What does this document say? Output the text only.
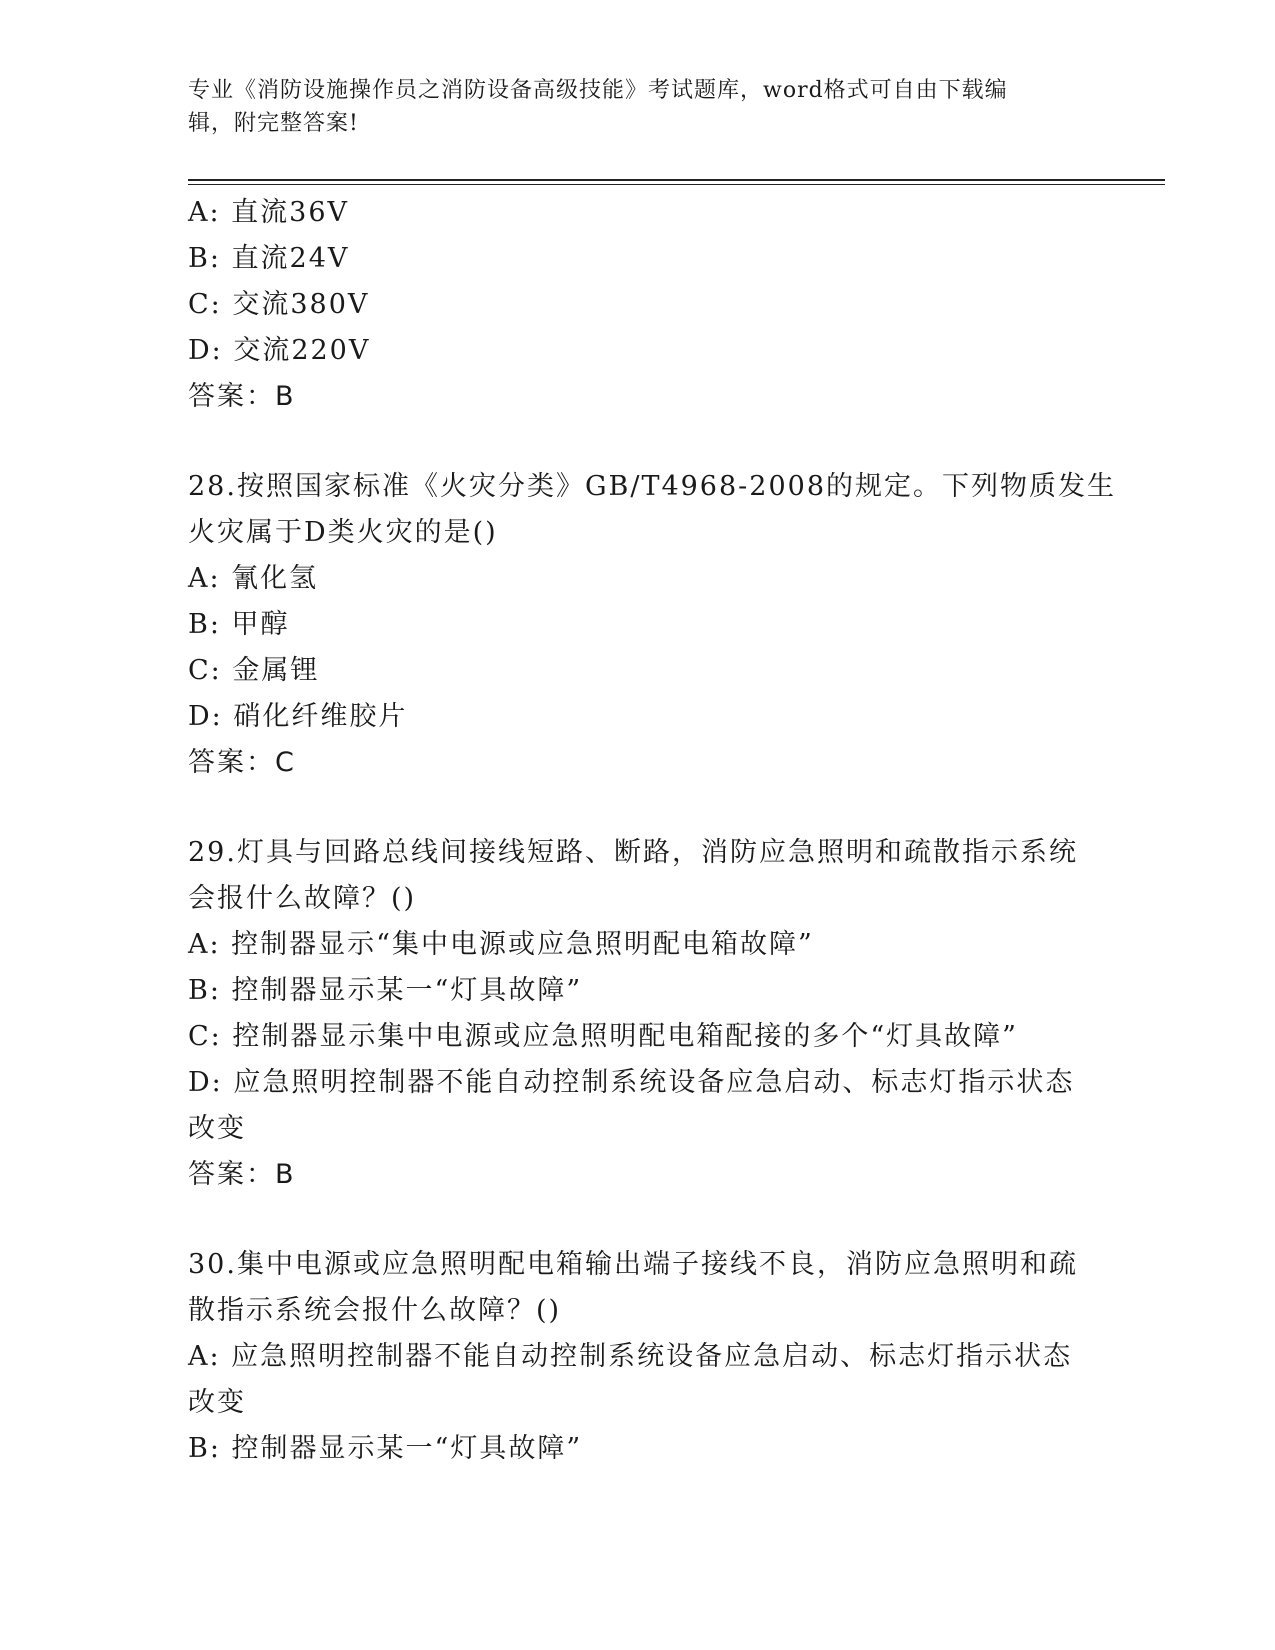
专业《消防设施操作员之消防设备高级技能》考试题库，word格式可自由下载编
辑，附完整答案!
A: 直流36V
B: 直流24V
C: 交流380V
D: 交流220V
答案：B
28.按照国家标准《火灾分类》GB/T4968-2008的规定。下列物质发生
火灾属于D类火灾的是()
A: 氰化氢
B: 甲醇
C: 金属锂
D: 硝化纤维胶片
答案：C
29.灯具与回路总线间接线短路、断路，消防应急照明和疏散指示系统
会报什么故障？()
A: 控制器显示“集中电源或应急照明配电箱故障”
B: 控制器显示某一“灯具故障”
C: 控制器显示集中电源或应急照明配电箱配接的多个“灯具故障”
D: 应急照明控制器不能自动控制系统设备应急启动、标志灯指示状态
改变
答案：B
30.集中电源或应急照明配电箱输出端子接线不良，消防应急照明和疏
散指示系统会报什么故障？()
A: 应急照明控制器不能自动控制系统设备应急启动、标志灯指示状态
改变
B: 控制器显示某一“灯具故障”
